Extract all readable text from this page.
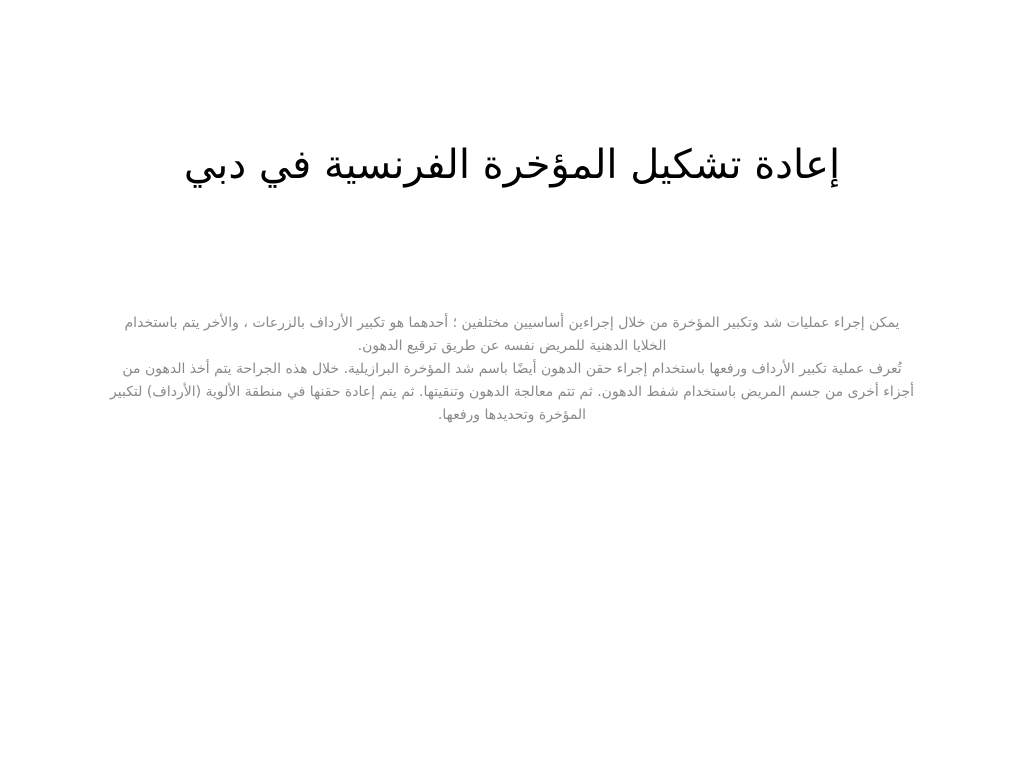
إعادة تشكيل المؤخرة الفرنسية في دبي

يمكن إجراء عمليات شد وتكبير المؤخرة من خلال إجراءين أساسيين مختلفين ؛ أحدهما هو تكبير الأرداف بالزرعات ، والأخر يتم باستخدام الخلايا الدهنية للمريض نفسه عن طريق ترقيع الدهون.

تُعرف عملية تكبير الأرداف ورفعها باستخدام إجراء حقن الدهون أيضًا باسم شد المؤخرة البرازيلية. خلال هذه الجراحة يتم أخذ الدهون من أجزاء أخرى من جسم المريض باستخدام شفط الدهون. ثم تتم معالجة الدهون وتنقيتها. ثم يتم إعادة حقنها في منطقة الألوية (الأرداف) لتكبير المؤخرة وتحديدها ورفعها.
